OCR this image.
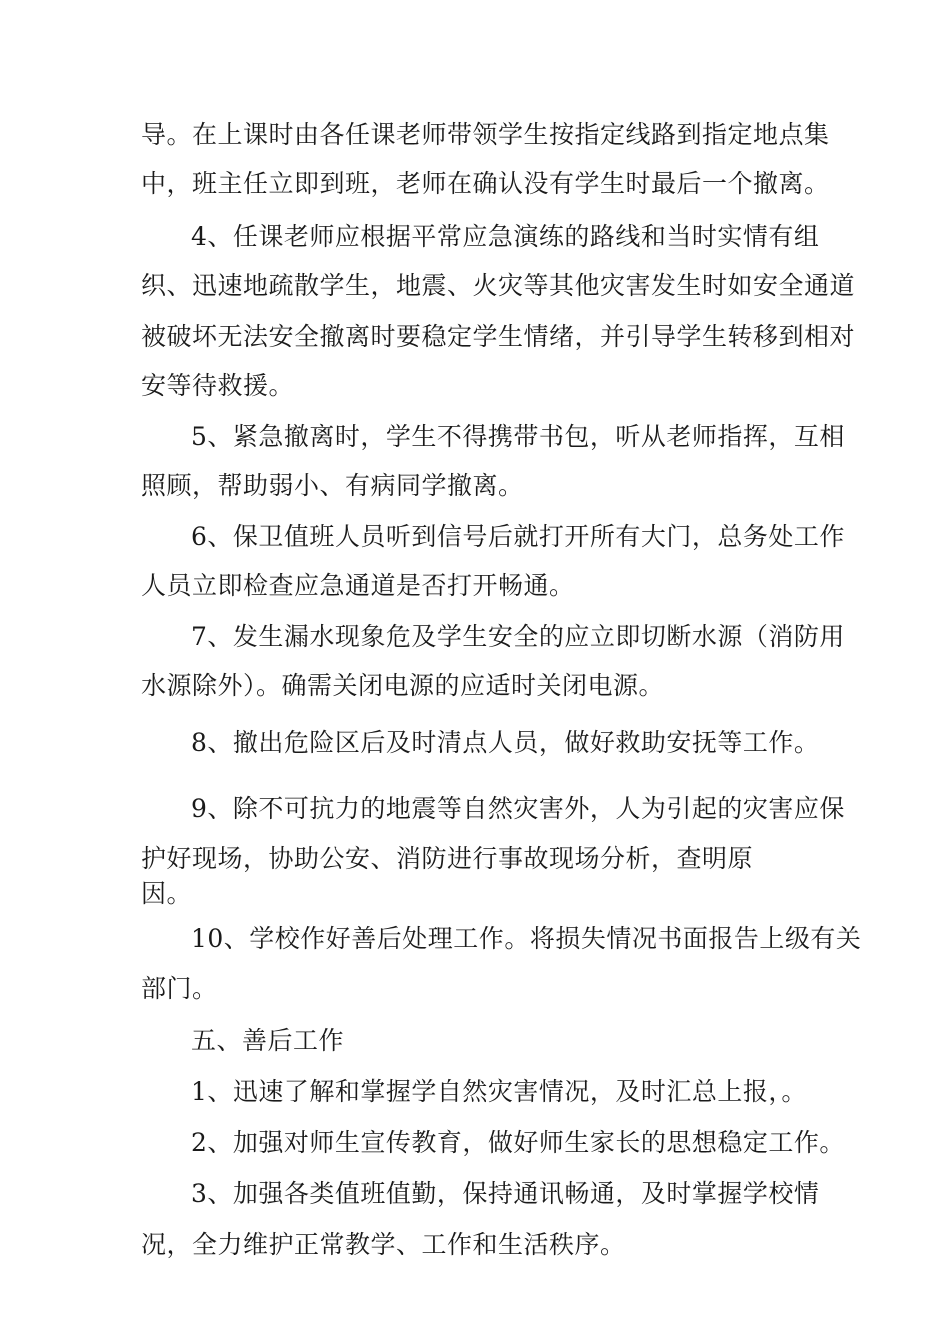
导。在上课时由各任课老师带领学生按指定线路到指定地点集

中，班主任立即到班，老师在确认没有学生时最后一个撤离。

4、任课老师应根据平常应急演练的路线和当时实情有组

织、迅速地疏散学生，地震、火灾等其他灾害发生时如安全通道

被破坏无法安全撤离时要稳定学生情绪，并引导学生转移到相对

安等待救援。

5、紧急撤离时，学生不得携带书包，听从老师指挥，互相

照顾，帮助弱小、有病同学撤离。

6、保卫值班人员听到信号后就打开所有大门，总务处工作

人员立即检查应急通道是否打开畅通。

7、发生漏水现象危及学生安全的应立即切断水源（消防用

水源除外）。确需关闭电源的应适时关闭电源。

8、撤出危险区后及时清点人员，做好救助安抚等工作。

9、除不可抗力的地震等自然灾害外，人为引起的灾害应保

护好现场，协助公安、消防进行事故现场分析，查明原

因。

10、学校作好善后处理工作。将损失情况书面报告上级有关

部门。

五、善后工作

1、迅速了解和掌握学自然灾害情况，及时汇总上报，。

2、加强对师生宣传教育，做好师生家长的思想稳定工作。

3、加强各类值班值勤，保持通讯畅通，及时掌握学校情

况，全力维护正常教学、工作和生活秩序。
